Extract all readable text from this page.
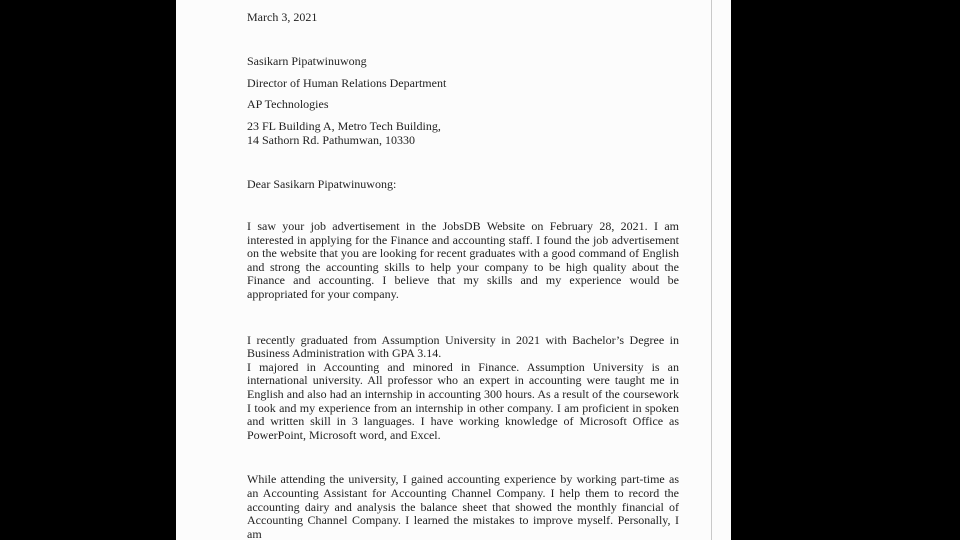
March 3, 2021
Sasikarn Pipatwinuwong
Director of Human Relations Department
AP Technologies
23 FL Building A, Metro Tech Building,
14 Sathorn Rd. Pathumwan, 10330
Dear Sasikarn Pipatwinuwong:
I saw your job advertisement in the JobsDB Website on February 28, 2021. I am interested in applying for the Finance and accounting staff. I found the job advertisement on the website that you are looking for recent graduates with a good command of English and strong the accounting skills to help your company to be high quality about the Finance and accounting. I believe that my skills and my experience would be appropriated for your company.
I recently graduated from Assumption University in 2021 with Bachelor’s Degree in Business Administration with GPA 3.14.
I majored in Accounting and minored in Finance. Assumption University is an international university. All professor who an expert in accounting were taught me in English and also had an internship in accounting 300 hours. As a result of the coursework I took and my experience from an internship in other company. I am proficient in spoken and written skill in 3 languages. I have working knowledge of Microsoft Office as PowerPoint, Microsoft word, and Excel.
While attending the university, I gained accounting experience by working part-time as an Accounting Assistant for Accounting Channel Company. I help them to record the accounting dairy and analysis the balance sheet that showed the monthly financial of Accounting Channel Company. I learned the mistakes to improve myself. Personally, I am
